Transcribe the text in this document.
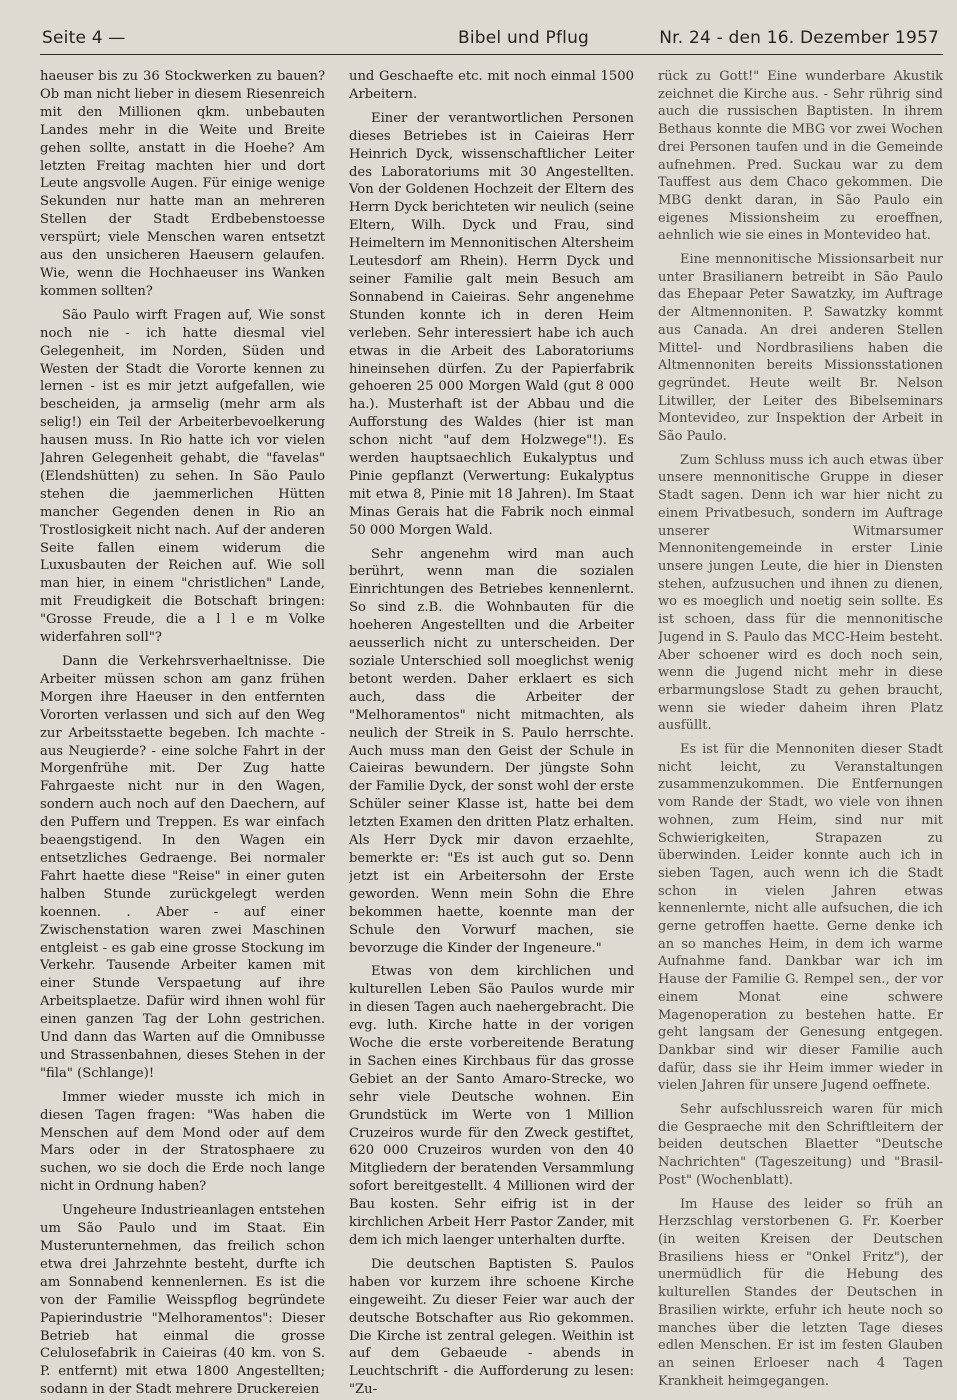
Seite 4 —	Bibel und Pflug	Nr. 24 - den 16. Dezember 1957

haeuser bis zu 36 Stockwerken zu bauen? Ob man nicht lieber in diesem Riesenreich mit den Millionen qkm. unbebauten Landes mehr in die Weite und Breite gehen sollte, anstatt in die Hoehe? Am letzten Freitag machten hier und dort Leute angsvolle Augen. Für einige wenige Sekunden nur hatte man an mehreren Stellen der Stadt Erdbebenstoesse verspürt; viele Menschen waren entsetzt aus den unsicheren Haeusern gelaufen. Wie, wenn die Hochhaeuser ins Wanken kommen sollten?

São Paulo wirft Fragen auf, Wie sonst noch nie - ich hatte diesmal viel Gelegenheit, im Norden, Süden und Westen der Stadt die Vororte kennen zu lernen - ist es mir jetzt aufgefallen, wie bescheiden, ja armselig (mehr arm als selig!) ein Teil der Arbeiterbevoelkerung hausen muss. In Rio hatte ich vor vielen Jahren Gelegenheit gehabt, die "favelas" (Elendshütten) zu sehen. In São Paulo stehen die jaemmerlichen Hütten mancher Gegenden denen in Rio an Trostlosigkeit nicht nach. Auf der anderen Seite fallen einem widerum die Luxusbauten der Reichen auf. Wie soll man hier, in einem "christlichen" Lande, mit Freudigkeit die Botschaft bringen: "Grosse Freude, die a l l e m Volke widerfahren soll"?

Dann die Verkehrsverhaeltnisse. Die Arbeiter müssen schon am ganz frühen Morgen ihre Haeuser in den entfernten Vororten verlassen und sich auf den Weg zur Arbeitsstaette begeben. Ich machte - aus Neugierde? - eine solche Fahrt in der Morgenfrühe mit. Der Zug hatte Fahrgaeste nicht nur in den Wagen, sondern auch noch auf den Daechern, auf den Puffern und Treppen. Es war einfach beaengstigend. In den Wagen ein entsetzliches Gedraenge. Bei normaler Fahrt haette diese "Reise" in einer guten halben Stunde zurückgelegt werden koennen. . Aber - auf einer Zwischenstation waren zwei Maschinen entgleist - es gab eine grosse Stockung im Verkehr. Tausende Arbeiter kamen mit einer Stunde Verspaetung auf ihre Arbeitsplaetze. Dafür wird ihnen wohl für einen ganzen Tag der Lohn gestrichen. Und dann das Warten auf die Omnibusse und Strassenbahnen, dieses Stehen in der "fila" (Schlange)!

Immer wieder musste ich mich in diesen Tagen fragen: "Was haben die Menschen auf dem Mond oder auf dem Mars oder in der Stratosphaere zu suchen, wo sie doch die Erde noch lange nicht in Ordnung haben?

Ungeheure Industrieanlagen entstehen um São Paulo und im Staat. Ein Musterunternehmen, das freilich schon etwa drei Jahrzehnte besteht, durfte ich am Sonnabend kennenlernen. Es ist die von der Familie Weisspflog begründete Papierindustrie "Melhoramentos": Dieser Betrieb hat einmal die grosse Celulosefabrik in Caieiras (40 km. von S. P. entfernt) mit etwa 1800 Angestellten; sodann in der Stadt mehrere Druckereien

und Geschaefte etc. mit noch einmal 1500 Arbeitern.

Einer der verantwortlichen Personen dieses Betriebes ist in Caieiras Herr Heinrich Dyck, wissenschaftlicher Leiter des Laboratoriums mit 30 Angestellten. Von der Goldenen Hochzeit der Eltern des Herrn Dyck berichteten wir neulich (seine Eltern, Wilh. Dyck und Frau, sind Heimeltern im Mennonitischen Altersheim Leutesdorf am Rhein). Herrn Dyck und seiner Familie galt mein Besuch am Sonnabend in Caieiras. Sehr angenehme Stunden konnte ich in deren Heim verleben. Sehr interessiert habe ich auch etwas in die Arbeit des Laboratoriums hineinsehen dürfen. Zu der Papierfabrik gehoeren 25 000 Morgen Wald (gut 8 000 ha.). Musterhaft ist der Abbau und die Aufforstung des Waldes (hier ist man schon nicht "auf dem Holzwege"!). Es werden hauptsaechlich Eukalyptus und Pinie gepflanzt (Verwertung: Eukalyptus mit etwa 8, Pinie mit 18 Jahren). Im Staat Minas Gerais hat die Fabrik noch einmal 50 000 Morgen Wald.

Sehr angenehm wird man auch berührt, wenn man die sozialen Einrichtungen des Betriebes kennenlernt. So sind z.B. die Wohnbauten für die hoeheren Angestellten und die Arbeiter aeusserlich nicht zu unterscheiden. Der soziale Unterschied soll moeglichst wenig betont werden. Daher erklaert es sich auch, dass die Arbeiter der "Melhoramentos" nicht mitmachten, als neulich der Streik in S. Paulo herrschte. Auch muss man den Geist der Schule in Caieiras bewundern. Der jüngste Sohn der Familie Dyck, der sonst wohl der erste Schüler seiner Klasse ist, hatte bei dem letzten Examen den dritten Platz erhalten. Als Herr Dyck mir davon erzaehlte, bemerkte er: "Es ist auch gut so. Denn jetzt ist ein Arbeitersohn der Erste geworden. Wenn mein Sohn die Ehre bekommen haette, koennte man der Schule den Vorwurf machen, sie bevorzuge die Kinder der Ingeneure."

Etwas von dem kirchlichen und kulturellen Leben São Paulos wurde mir in diesen Tagen auch naehergebracht. Die evg. luth. Kirche hatte in der vorigen Woche die erste vorbereitende Beratung in Sachen eines Kirchbaus für das grosse Gebiet an der Santo Amaro-Strecke, wo sehr viele Deutsche wohnen. Ein Grundstück im Werte von 1 Million Cruzeiros wurde für den Zweck gestiftet, 620 000 Cruzeiros wurden von den 40 Mitgliedern der beratenden Versammlung sofort bereitgestellt. 4 Millionen wird der Bau kosten. Sehr eifrig ist in der kirchlichen Arbeit Herr Pastor Zander, mit dem ich mich laenger unterhalten durfte.

Die deutschen Baptisten S. Paulos haben vor kurzem ihre schoene Kirche eingeweiht. Zu dieser Feier war auch der deutsche Botschafter aus Rio gekommen. Die Kirche ist zentral gelegen. Weithin ist auf dem Gebaeude - abends in Leuchtschrift - die Aufforderung zu lesen: "Zu-

rück zu Gott!" Eine wunderbare Akustik zeichnet die Kirche aus. - Sehr rührig sind auch die russischen Baptisten. In ihrem Bethaus konnte die MBG vor zwei Wochen drei Personen taufen und in die Gemeinde aufnehmen. Pred. Suckau war zu dem Tauffest aus dem Chaco gekommen. Die MBG denkt daran, in São Paulo ein eigenes Missionsheim zu eroeffnen, aehnlich wie sie eines in Montevideo hat.

Eine mennonitische Missionsarbeit nur unter Brasilianern betreibt in São Paulo das Ehepaar Peter Sawatzky, im Auftrage der Altmennoniten. P. Sawatzky kommt aus Canada. An drei anderen Stellen Mittel- und Nordbrasiliens haben die Altmennoniten bereits Missionsstationen gegründet. Heute weilt Br. Nelson Litwiller, der Leiter des Bibelseminars Montevideo, zur Inspektion der Arbeit in São Paulo.

Zum Schluss muss ich auch etwas über unsere mennonitische Gruppe in dieser Stadt sagen. Denn ich war hier nicht zu einem Privatbesuch, sondern im Auftrage unserer Witmarsumer Mennonitengemeinde in erster Linie unsere jungen Leute, die hier in Diensten stehen, aufzusuchen und ihnen zu dienen, wo es moeglich und noetig sein sollte. Es ist schoen, dass für die mennonitische Jugend in S. Paulo das MCC-Heim besteht. Aber schoener wird es doch noch sein, wenn die Jugend nicht mehr in diese erbarmungslose Stadt zu gehen braucht, wenn sie wieder daheim ihren Platz ausfüllt.

Es ist für die Mennoniten dieser Stadt nicht leicht, zu Veranstaltungen zusammenzukommen. Die Entfernungen vom Rande der Stadt, wo viele von ihnen wohnen, zum Heim, sind nur mit Schwierigkeiten, Strapazen zu überwinden. Leider konnte auch ich in sieben Tagen, auch wenn ich die Stadt schon in vielen Jahren etwas kennenlernte, nicht alle aufsuchen, die ich gerne getroffen haette. Gerne denke ich an so manches Heim, in dem ich warme Aufnahme fand. Dankbar war ich im Hause der Familie G. Rempel sen., der vor einem Monat eine schwere Magenoperation zu bestehen hatte. Er geht langsam der Genesung entgegen. Dankbar sind wir dieser Familie auch dafür, dass sie ihr Heim immer wieder in vielen Jahren für unsere Jugend oeffnete.

Sehr aufschlussreich waren für mich die Gespraeche mit den Schriftleitern der beiden deutschen Blaetter "Deutsche Nachrichten" (Tageszeitung) und "Brasil-Post" (Wochenblatt).

Im Hause des leider so früh an Herzschlag verstorbenen G. Fr. Koerber (in weiten Kreisen der Deutschen Brasiliens hiess er "Onkel Fritz"), der unermüdlich für die Hebung des kulturellen Standes der Deutschen in Brasilien wirkte, erfuhr ich heute noch so manches über die letzten Tage dieses edlen Menschen. Er ist im festen Glauben an seinen Erloeser nach 4 Tagen Krankheit heimgegangen.
